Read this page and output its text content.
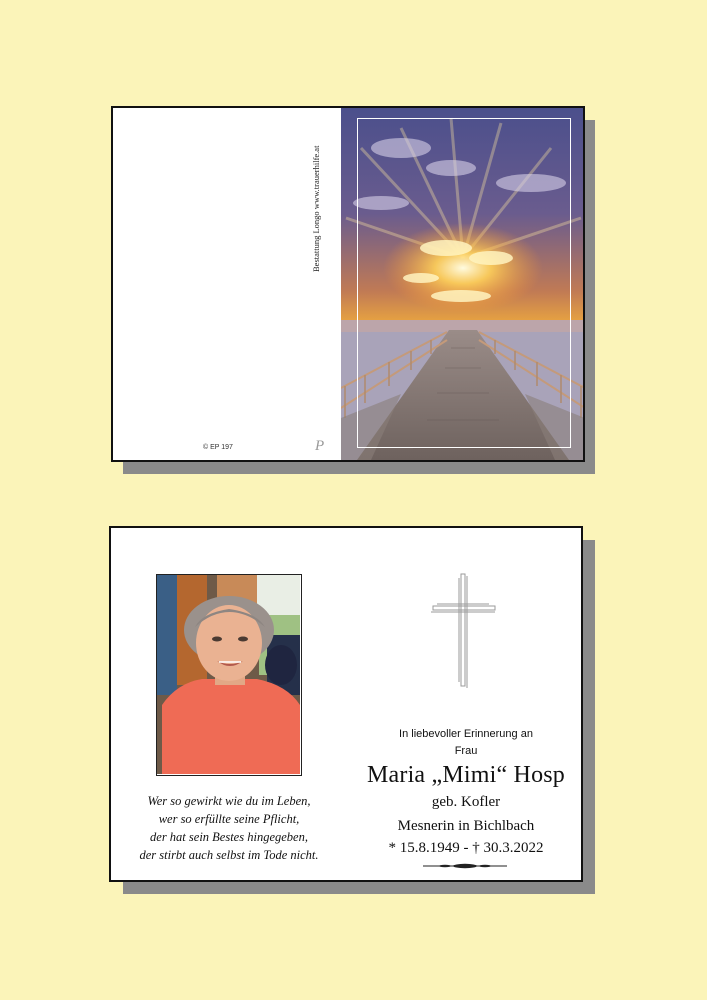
Bestattung Longo www.trauerhilfe.at
© EP 197	P
Wer so gewirkt wie du im Leben,
wer so erfüllte seine Pflicht,
der hat sein Bestes hingegeben,
der stirbt auch selbst im Tode nicht.
In liebevoller Erinnerung an
Frau
Maria „Mimi“ Hosp
geb. Kofler
Mesnerin in Bichlbach
* 15.8.1949 - † 30.3.2022
